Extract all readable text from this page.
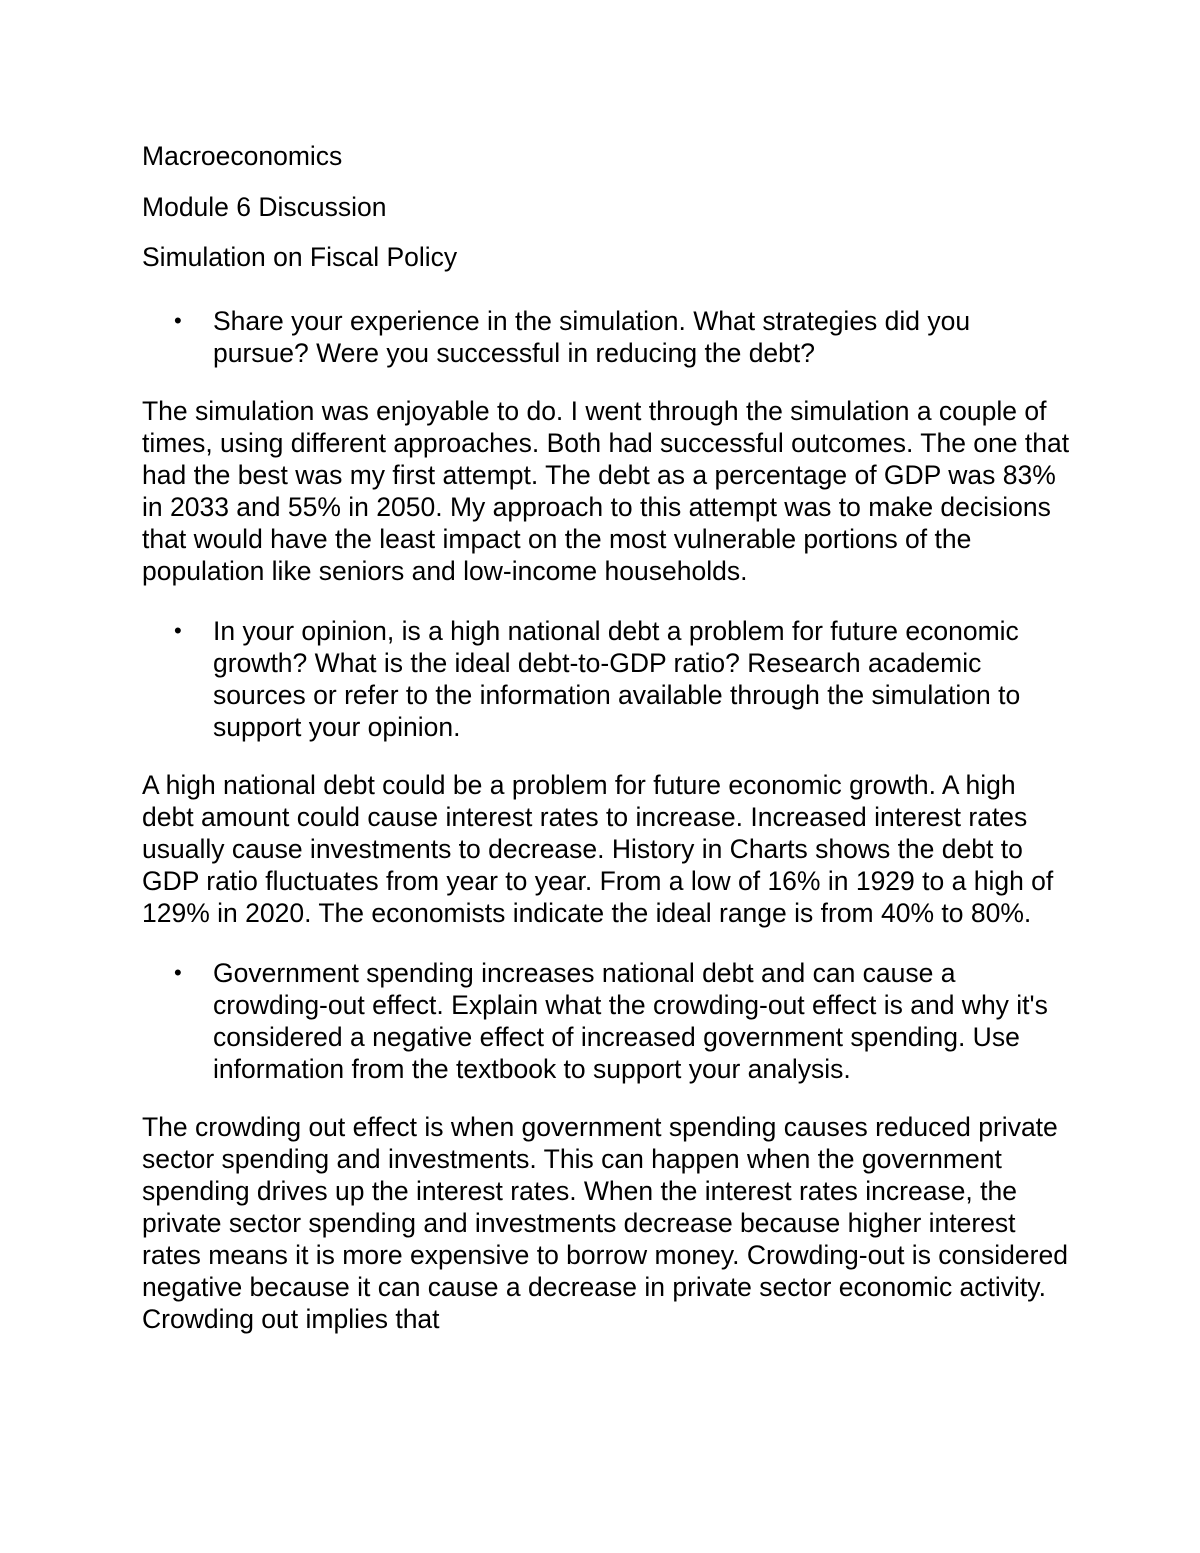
Macroeconomics

Module 6 Discussion

Simulation on Fiscal Policy

• Share your experience in the simulation. What strategies did you pursue? Were you successful in reducing the debt?

The simulation was enjoyable to do. I went through the simulation a couple of times, using different approaches. Both had successful outcomes. The one that had the best was my first attempt. The debt as a percentage of GDP was 83% in 2033 and 55% in 2050. My approach to this attempt was to make decisions that would have the least impact on the most vulnerable portions of the population like seniors and low-income households.

• In your opinion, is a high national debt a problem for future economic growth? What is the ideal debt-to-GDP ratio? Research academic sources or refer to the information available through the simulation to support your opinion.

A high national debt could be a problem for future economic growth. A high debt amount could cause interest rates to increase. Increased interest rates usually cause investments to decrease. History in Charts shows the debt to GDP ratio fluctuates from year to year. From a low of 16% in 1929 to a high of 129% in 2020. The economists indicate the ideal range is from 40% to 80%.

• Government spending increases national debt and can cause a crowding-out effect. Explain what the crowding-out effect is and why it's considered a negative effect of increased government spending. Use information from the textbook to support your analysis.

The crowding out effect is when government spending causes reduced private sector spending and investments. This can happen when the government spending drives up the interest rates. When the interest rates increase, the private sector spending and investments decrease because higher interest rates means it is more expensive to borrow money. Crowding-out is considered negative because it can cause a decrease in private sector economic activity. Crowding out implies that
